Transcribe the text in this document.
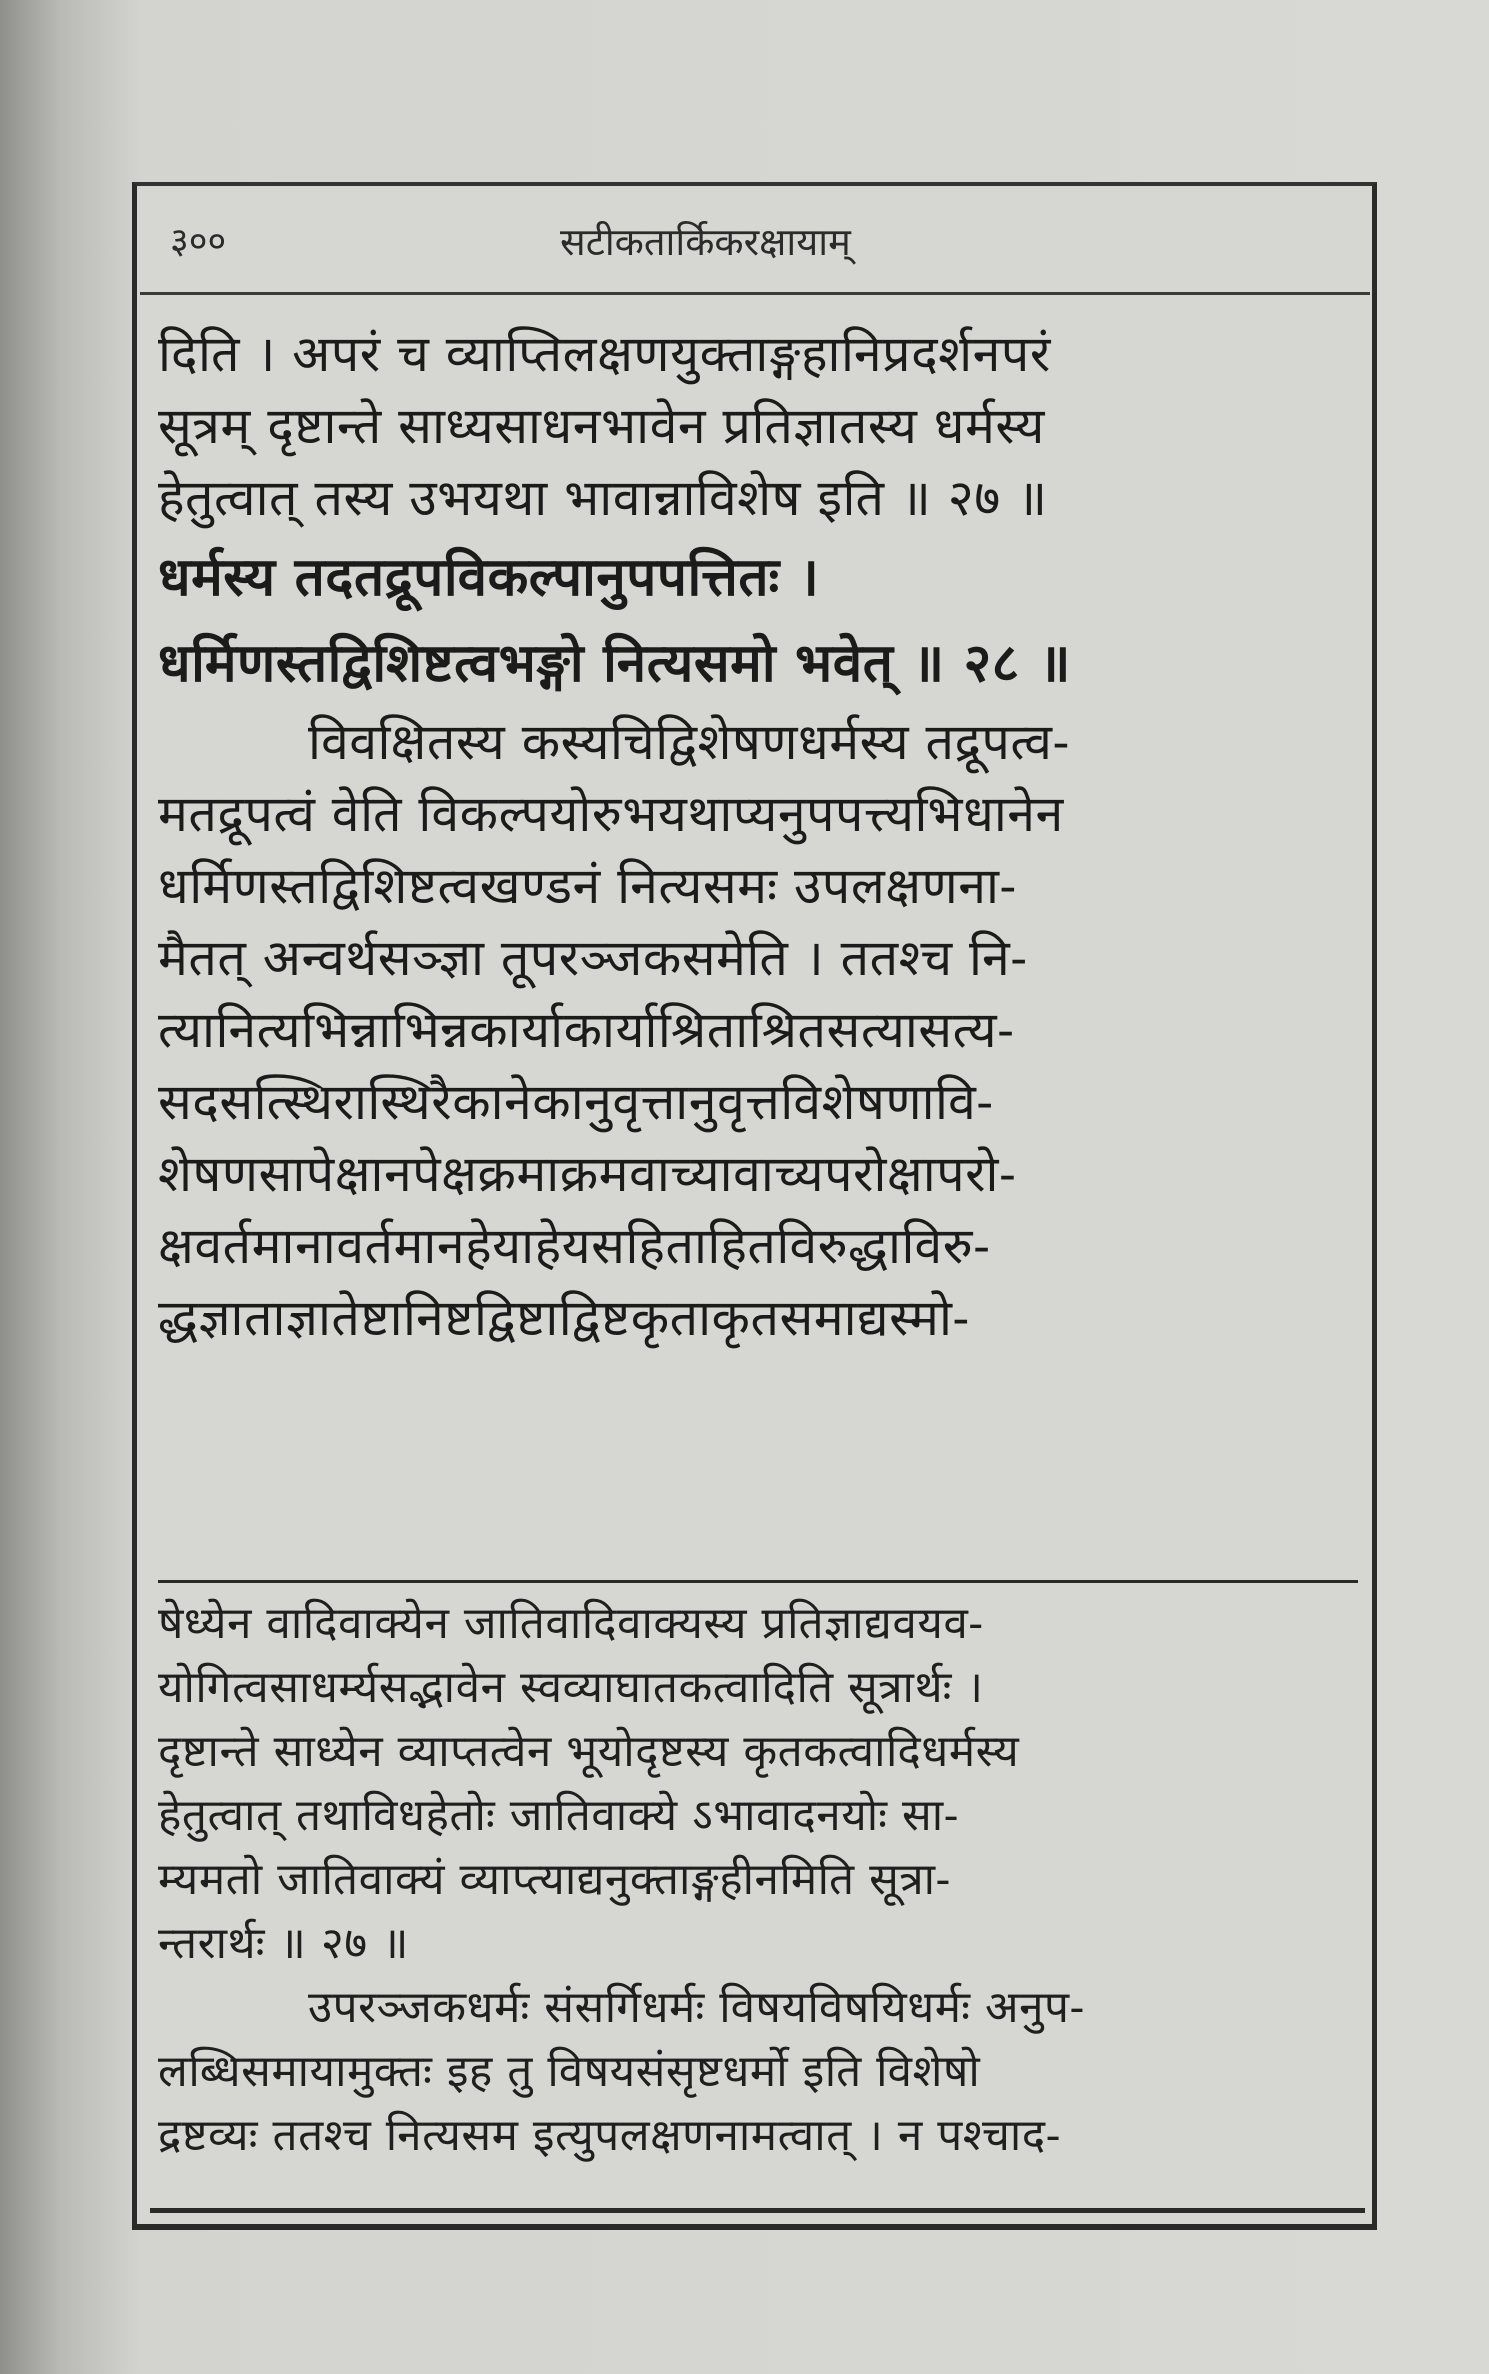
३००	सटीकतार्किकरक्षायाम्
दिति । अपरं च व्याप्तिलक्षणयुक्ताङ्गहानिप्रदर्शनपरं
सूत्रम् दृष्टान्ते साध्यसाधनभावेन प्रतिज्ञातस्य धर्मस्य
हेतुत्वात् तस्य उभयथा भावान्नाविशेष इति ॥ २७ ॥
धर्मस्य तदतद्रूपविकल्पानुपपत्तितः ।
धर्मिणस्तद्विशिष्टत्वभङ्गो नित्यसमो भवेत् ॥ २८ ॥
विवक्षितस्य कस्यचिद्विशेषणधर्मस्य तद्रूपत्व-
मतद्रूपत्वं वेति विकल्पयोरुभयथाप्यनुपपत्त्यभिधानेन
धर्मिणस्तद्विशिष्टत्वखण्डनं नित्यसमः उपलक्षणना-
मैतत् अन्वर्थसञ्ज्ञा तूपरञ्जकसमेति । ततश्च नि-
त्यानित्यभिन्नाभिन्नकार्याकार्याश्रिताश्रितसत्यासत्य-
सदसत्स्थिरास्थिरैकानेकानुवृत्तानुवृत्तविशेषणावि-
शेषणसापेक्षानपेक्षक्रमाक्रमवाच्यावाच्यपरोक्षापरो-
क्षवर्तमानावर्तमानहेयाहेयसहिताहितविरुद्धाविरु-
द्धज्ञाताज्ञातेष्टानिष्टद्विष्टाद्विष्टकृताकृतसमाद्यस्मो-
षेध्येन वादिवाक्येन जातिवादिवाक्यस्य प्रतिज्ञाद्यवयव-
योगित्वसाधर्म्यसद्भावेन स्वव्याघातकत्वादिति सूत्रार्थः ।
दृष्टान्ते साध्येन व्याप्तत्वेन भूयोदृष्टस्य कृतकत्वादिधर्मस्य
हेतुत्वात् तथाविधहेतोः जातिवाक्ये ऽभावादनयोः सा-
म्यमतो जातिवाक्यं व्याप्त्याद्यनुक्ताङ्गहीनमिति सूत्रा-
न्तरार्थः ॥ २७ ॥
उपरञ्जकधर्मः संसर्गिधर्मः विषयविषयिधर्मः अनुप-
लब्धिसमायामुक्तः इह तु विषयसंसृष्टधर्मो इति विशेषो
द्रष्टव्यः ततश्च नित्यसम इत्युपलक्षणनामत्वात् । न पश्चाद-
